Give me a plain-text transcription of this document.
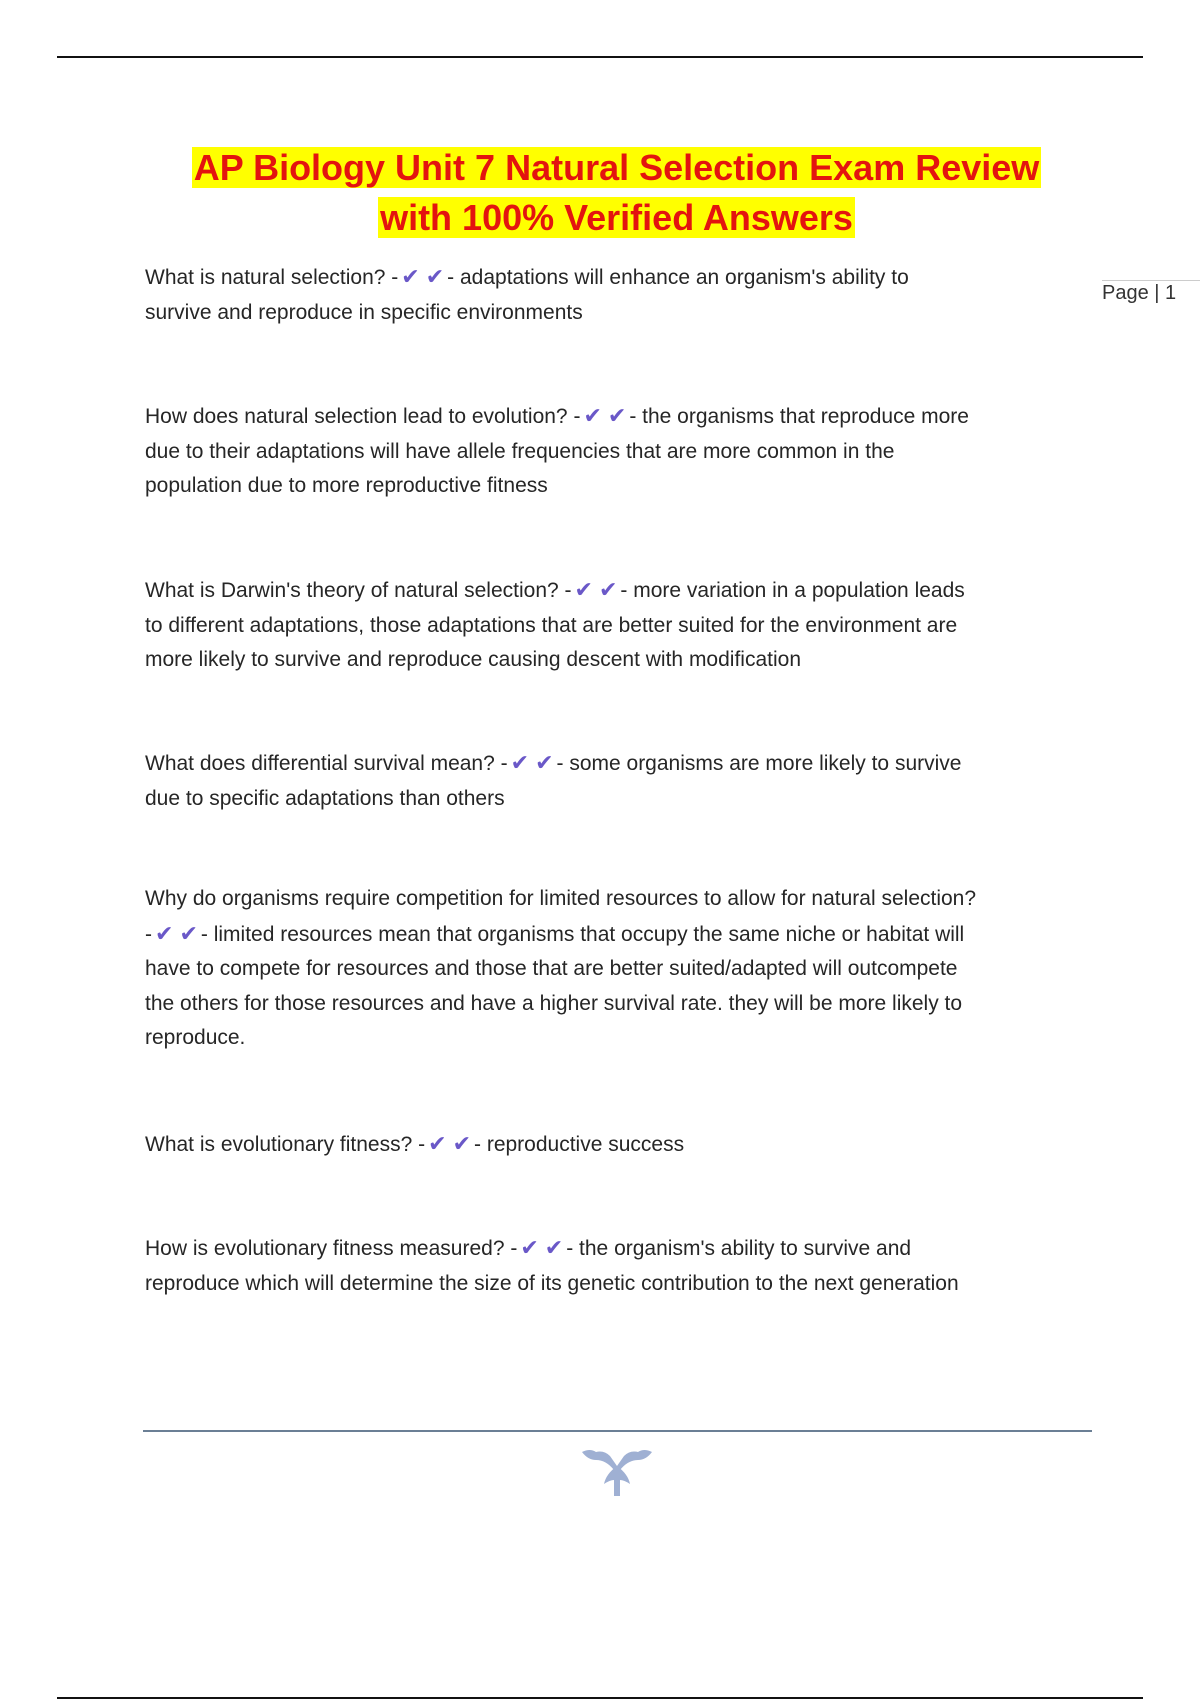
AP Biology Unit 7 Natural Selection Exam Review
with 100% Verified Answers
Page | 1
What is natural selection? - ✔ ✔ - adaptations will enhance an organism's ability to
survive and reproduce in specific environments
How does natural selection lead to evolution? - ✔ ✔ - the organisms that reproduce more
due to their adaptations will have allele frequencies that are more common in the
population due to more reproductive fitness
What is Darwin's theory of natural selection? - ✔ ✔ - more variation in a population leads
to different adaptations, those adaptations that are better suited for the environment are
more likely to survive and reproduce causing descent with modification
What does differential survival mean? - ✔ ✔ - some organisms are more likely to survive
due to specific adaptations than others
Why do organisms require competition for limited resources to allow for natural selection?
- ✔ ✔ - limited resources mean that organisms that occupy the same niche or habitat will
have to compete for resources and those that are better suited/adapted will outcompete
the others for those resources and have a higher survival rate. they will be more likely to
reproduce.
What is evolutionary fitness? - ✔ ✔ - reproductive success
How is evolutionary fitness measured? - ✔ ✔ - the organism's ability to survive and
reproduce which will determine the size of its genetic contribution to the next generation
